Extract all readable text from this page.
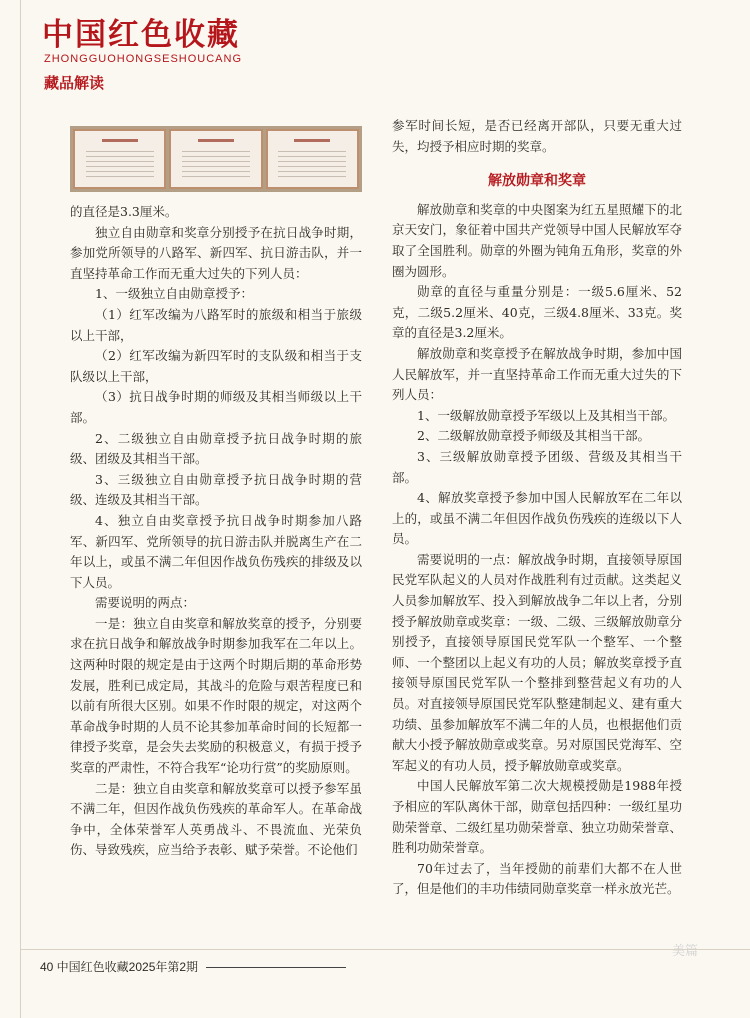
中国红色收藏
ZHONGGUOHONGSESHOUCANG
藏品解读

的直径是3.3厘米。

独立自由勋章和奖章分别授予在抗日战争时期，参加党所领导的八路军、新四军、抗日游击队，并一直坚持革命工作而无重大过失的下列人员：

1、一级独立自由勋章授予：

（1）红军改编为八路军时的旅级和相当于旅级以上干部，

（2）红军改编为新四军时的支队级和相当于支队级以上干部，

（3）抗日战争时期的师级及其相当师级以上干部。

2、二级独立自由勋章授予抗日战争时期的旅级、团级及其相当干部。

3、三级独立自由勋章授予抗日战争时期的营级、连级及其相当干部。

4、独立自由奖章授予抗日战争时期参加八路军、新四军、党所领导的抗日游击队并脱离生产在二年以上，或虽不满二年但因作战负伤残疾的排级及以下人员。

需要说明的两点：

一是：独立自由奖章和解放奖章的授予，分别要求在抗日战争和解放战争时期参加我军在二年以上。这两种时限的规定是由于这两个时期后期的革命形势发展，胜利已成定局，其战斗的危险与艰苦程度已和以前有所很大区别。如果不作时限的规定，对这两个革命战争时期的人员不论其参加革命时间的长短都一律授予奖章，是会失去奖励的积极意义，有损于授予奖章的严肃性，不符合我军“论功行赏”的奖励原则。

二是：独立自由奖章和解放奖章可以授予参军虽不满二年，但因作战负伤残疾的革命军人。在革命战争中，全体荣誉军人英勇战斗、不畏流血、光荣负伤、导致残疾，应当给予表彰、赋予荣誉。不论他们

参军时间长短，是否已经离开部队，只要无重大过失，均授予相应时期的奖章。

解放勋章和奖章

解放勋章和奖章的中央图案为红五星照耀下的北京天安门，象征着中国共产党领导中国人民解放军夺取了全国胜利。勋章的外圈为钝角五角形，奖章的外圈为圆形。

勋章的直径与重量分别是：一级5.6厘米、52克，二级5.2厘米、40克，三级4.8厘米、33克。奖章的直径是3.2厘米。

解放勋章和奖章授予在解放战争时期，参加中国人民解放军，并一直坚持革命工作而无重大过失的下列人员：

1、一级解放勋章授予军级以上及其相当干部。

2、二级解放勋章授予师级及其相当干部。

3、三级解放勋章授予团级、营级及其相当干部。

4、解放奖章授予参加中国人民解放军在二年以上的，或虽不满二年但因作战负伤残疾的连级以下人员。

需要说明的一点：解放战争时期，直接领导原国民党军队起义的人员对作战胜利有过贡献。这类起义人员参加解放军、投入到解放战争二年以上者，分别授予解放勋章或奖章：一级、二级、三级解放勋章分别授予，直接领导原国民党军队一个整军、一个整师、一个整团以上起义有功的人员；解放奖章授予直接领导原国民党军队一个整排到整营起义有功的人员。对直接领导原国民党军队整建制起义、建有重大功绩、虽参加解放军不满二年的人员，也根据他们贡献大小授予解放勋章或奖章。另对原国民党海军、空军起义的有功人员，授予解放勋章或奖章。

中国人民解放军第二次大规模授勋是1988年授予相应的军队离休干部，勋章包括四种：一级红星功勋荣誉章、二级红星功勋荣誉章、独立功勋荣誉章、胜利功勋荣誉章。

70年过去了，当年授勋的前辈们大都不在人世了，但是他们的丰功伟绩同勋章奖章一样永放光芒。

40 中国红色收藏2025年第2期
美篇
